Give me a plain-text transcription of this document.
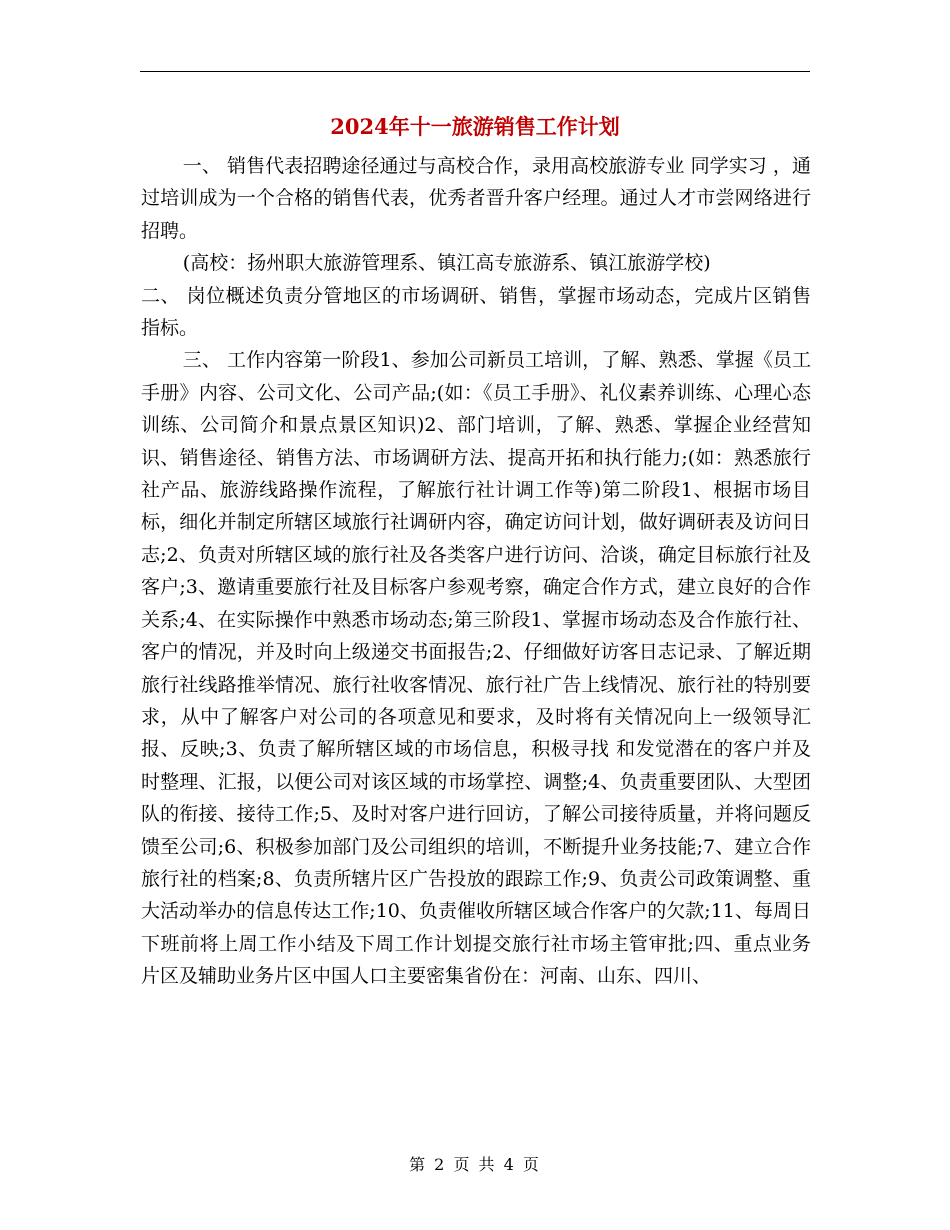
2024年十一旅游销售工作计划

一、 销售代表招聘途径通过与高校合作，录用高校旅游专业 同学实习 ，通过培训成为一个合格的销售代表，优秀者晋升客户经理。通过人才市尝网络进行招聘。

(高校：扬州职大旅游管理系、镇江高专旅游系、镇江旅游学校)

二、 岗位概述负责分管地区的市场调研、销售，掌握市场动态，完成片区销售指标。

三、 工作内容第一阶段1、参加公司新员工培训，了解、熟悉、掌握《员工手册》内容、公司文化、公司产品;(如：《员工手册》、礼仪素养训练、心理心态训练、公司简介和景点景区知识)2、部门培训，了解、熟悉、掌握企业经营知识、销售途径、销售方法、市场调研方法、提高开拓和执行能力;(如：熟悉旅行社产品、旅游线路操作流程，了解旅行社计调工作等)第二阶段1、根据市场目标，细化并制定所辖区域旅行社调研内容，确定访问计划，做好调研表及访问日志;2、负责对所辖区域的旅行社及各类客户进行访问、洽谈，确定目标旅行社及客户;3、邀请重要旅行社及目标客户参观考察，确定合作方式，建立良好的合作关系;4、在实际操作中熟悉市场动态;第三阶段1、掌握市场动态及合作旅行社、客户的情况，并及时向上级递交书面报告;2、仔细做好访客日志记录、了解近期旅行社线路推举情况、旅行社收客情况、旅行社广告上线情况、旅行社的特别要求，从中了解客户对公司的各项意见和要求，及时将有关情况向上一级领导汇报、反映;3、负责了解所辖区域的市场信息，积极寻找 和发觉潜在的客户并及时整理、汇报，以便公司对该区域的市场掌控、调整;4、负责重要团队、大型团队的衔接、接待工作;5、及时对客户进行回访，了解公司接待质量，并将问题反馈至公司;6、积极参加部门及公司组织的培训，不断提升业务技能;7、建立合作旅行社的档案;8、负责所辖片区广告投放的跟踪工作;9、负责公司政策调整、重大活动举办的信息传达工作;10、负责催收所辖区域合作客户的欠款;11、每周日下班前将上周工作小结及下周工作计划提交旅行社市场主管审批;四、重点业务片区及辅助业务片区中国人口主要密集省份在：河南、山东、四川、

第 2 页 共 4 页
